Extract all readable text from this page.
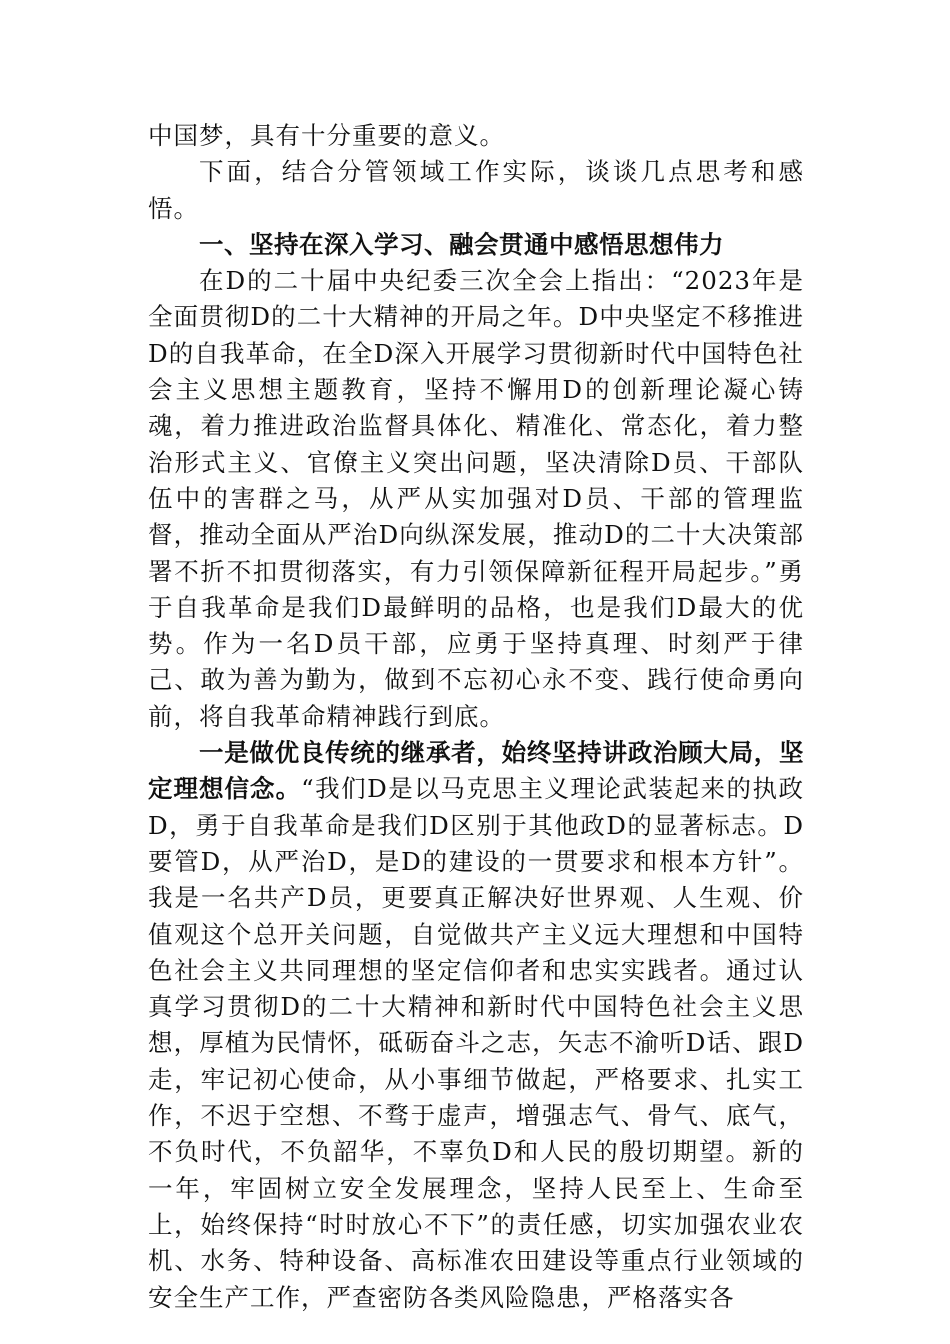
中国梦，具有十分重要的意义。

下面，结合分管领域工作实际，谈谈几点思考和感悟。

一、坚持在深入学习、融会贯通中感悟思想伟力

在D的二十届中央纪委三次全会上指出：“2023年是全面贯彻D的二十大精神的开局之年。D中央坚定不移推进D的自我革命，在全D深入开展学习贯彻新时代中国特色社会主义思想主题教育，坚持不懈用D的创新理论凝心铸魂，着力推进政治监督具体化、精准化、常态化，着力整治形式主义、官僚主义突出问题，坚决清除D员、干部队伍中的害群之马，从严从实加强对D员、干部的管理监督，推动全面从严治D向纵深发展，推动D的二十大决策部署不折不扣贯彻落实，有力引领保障新征程开局起步。”勇于自我革命是我们D最鲜明的品格，也是我们D最大的优势。作为一名D员干部，应勇于坚持真理、时刻严于律己、敢为善为勤为，做到不忘初心永不变、践行使命勇向前，将自我革命精神践行到底。

一是做优良传统的继承者，始终坚持讲政治顾大局，坚定理想信念。“我们D是以马克思主义理论武装起来的执政D，勇于自我革命是我们D区别于其他政D的显著标志。D要管D，从严治D，是D的建设的一贯要求和根本方针”。我是一名共产D员，更要真正解决好世界观、人生观、价值观这个总开关问题，自觉做共产主义远大理想和中国特色社会主义共同理想的坚定信仰者和忠实实践者。通过认真学习贯彻D的二十大精神和新时代中国特色社会主义思想，厚植为民情怀，砥砺奋斗之志，矢志不渝听D话、跟D走，牢记初心使命，从小事细节做起，严格要求、扎实工作，不迟于空想、不骛于虚声，增强志气、骨气、底气，不负时代，不负韶华，不辜负D和人民的殷切期望。新的一年，牢固树立安全发展理念，坚持人民至上、生命至上，始终保持“时时放心不下”的责任感，切实加强农业农机、水务、特种设备、高标准农田建设等重点行业领域的安全生产工作，严查密防各类风险隐患，严格落实各
